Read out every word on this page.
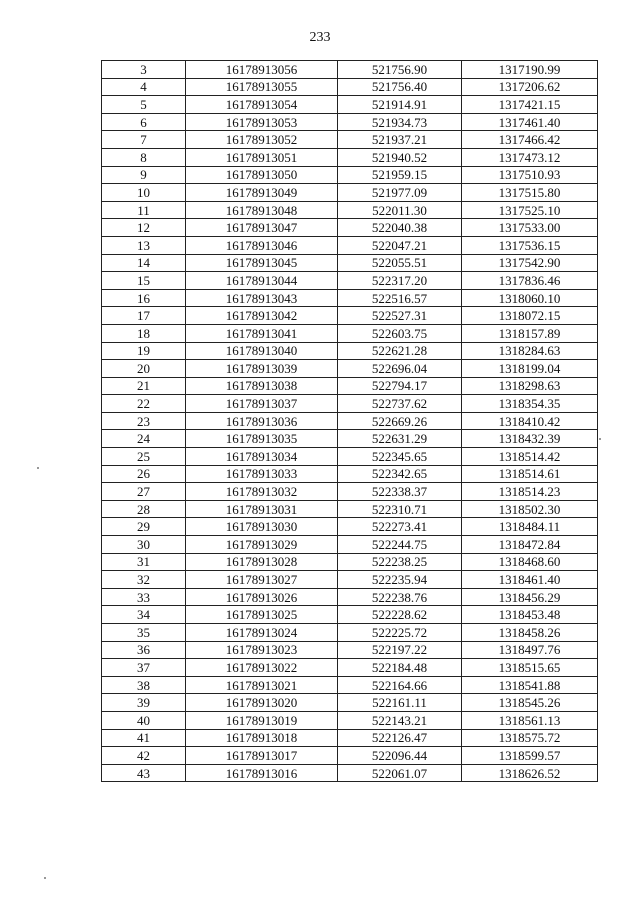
233
3	16178913056	521756.90	1317190.99
4	16178913055	521756.40	1317206.62
5	16178913054	521914.91	1317421.15
6	16178913053	521934.73	1317461.40
7	16178913052	521937.21	1317466.42
8	16178913051	521940.52	1317473.12
9	16178913050	521959.15	1317510.93
10	16178913049	521977.09	1317515.80
11	16178913048	522011.30	1317525.10
12	16178913047	522040.38	1317533.00
13	16178913046	522047.21	1317536.15
14	16178913045	522055.51	1317542.90
15	16178913044	522317.20	1317836.46
16	16178913043	522516.57	1318060.10
17	16178913042	522527.31	1318072.15
18	16178913041	522603.75	1318157.89
19	16178913040	522621.28	1318284.63
20	16178913039	522696.04	1318199.04
21	16178913038	522794.17	1318298.63
22	16178913037	522737.62	1318354.35
23	16178913036	522669.26	1318410.42
24	16178913035	522631.29	1318432.39
25	16178913034	522345.65	1318514.42
26	16178913033	522342.65	1318514.61
27	16178913032	522338.37	1318514.23
28	16178913031	522310.71	1318502.30
29	16178913030	522273.41	1318484.11
30	16178913029	522244.75	1318472.84
31	16178913028	522238.25	1318468.60
32	16178913027	522235.94	1318461.40
33	16178913026	522238.76	1318456.29
34	16178913025	522228.62	1318453.48
35	16178913024	522225.72	1318458.26
36	16178913023	522197.22	1318497.76
37	16178913022	522184.48	1318515.65
38	16178913021	522164.66	1318541.88
39	16178913020	522161.11	1318545.26
40	16178913019	522143.21	1318561.13
41	16178913018	522126.47	1318575.72
42	16178913017	522096.44	1318599.57
43	16178913016	522061.07	1318626.52
